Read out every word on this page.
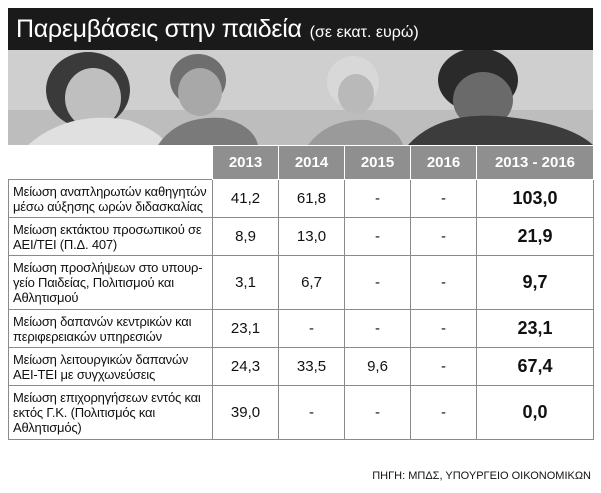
Παρεμβάσεις στην παιδεία (σε εκατ. ευρώ)
	2013	2014	2015	2016	2013 - 2016
Μείωση αναπληρωτών καθηγητών μέσω αύξησης ωρών διδασκαλίας	41,2	61,8	-	-	103,0
Μείωση εκτάκτου προσωπικού σε ΑΕΙ/ΤΕΙ (Π.Δ. 407)	8,9	13,0	-	-	21,9
Μείωση προσλήψεων στο υπουρ-γείο Παιδείας, Πολιτισμού και Αθλητισμού	3,1	6,7	-	-	9,7
Μείωση δαπανών κεντρικών και περιφερειακών υπηρεσιών	23,1	-	-	-	23,1
Μείωση λειτουργικών δαπανών ΑΕΙ-ΤΕΙ με συγχωνεύσεις	24,3	33,5	9,6	-	67,4
Μείωση επιχορηγήσεων εντός και εκτός Γ.Κ. (Πολιτισμός και Αθλητισμός)	39,0	-	-	-	0,0
ΠΗΓΗ: ΜΠΔΣ, ΥΠΟΥΡΓΕΙΟ ΟΙΚΟΝΟΜΙΚΩΝ
